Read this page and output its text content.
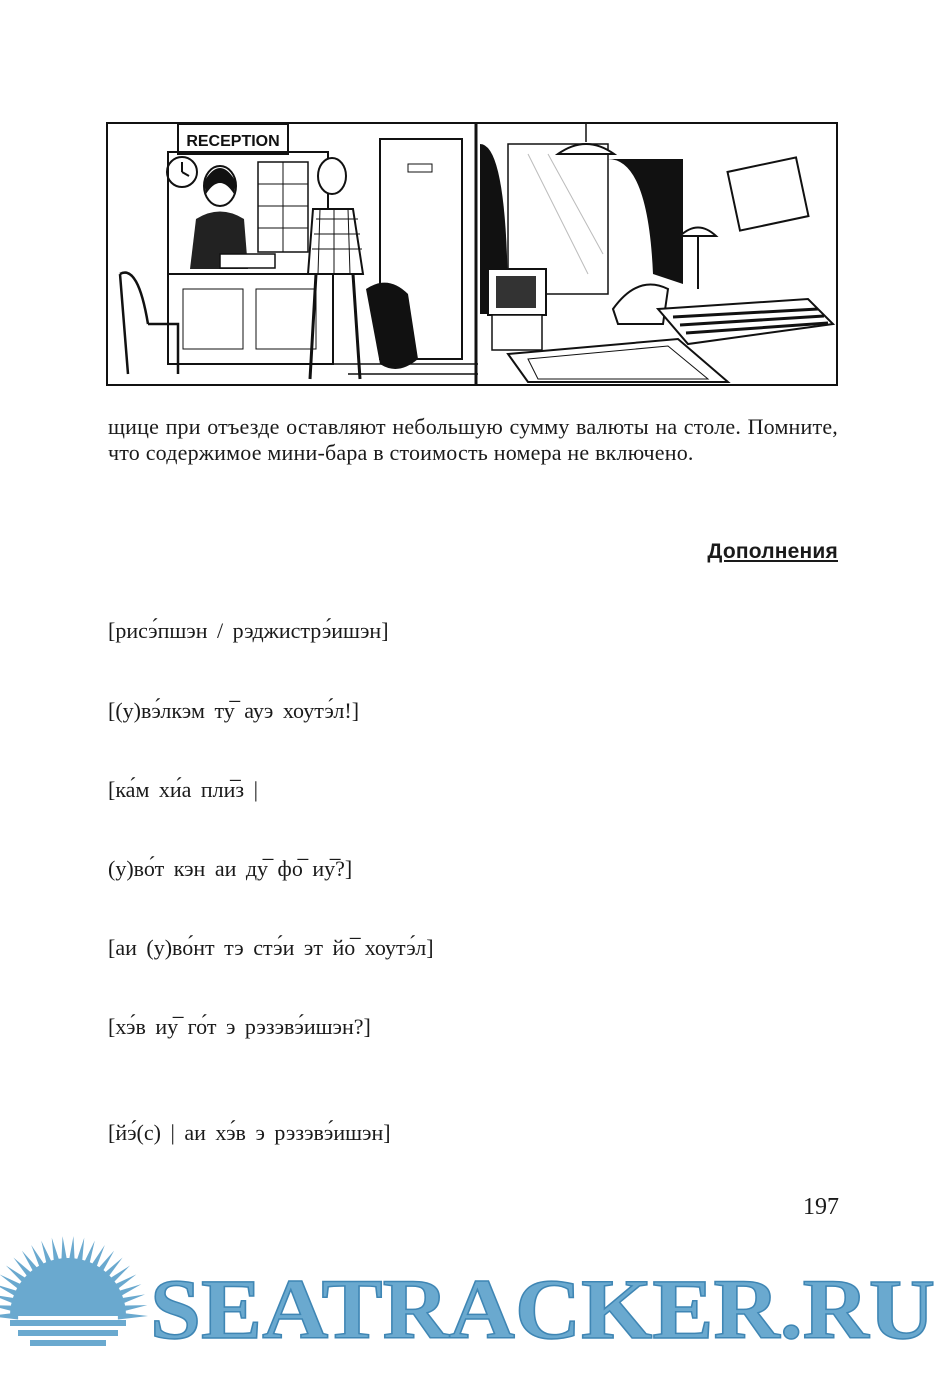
RECEPTION
щице при отъезде оставляют небольшую сумму валюты на столе. Помните, что содержимое мини-бара в стоимость номера не включено.
Дополнения
[рисэ́пшэн / рэджистрэ́ишэн]
[(у)вэ́лкэм ту̅ ауэ хоутэ́л!]
[ка́м хи́а пли̅з |
(у)во́т кэн аи ду̅ фо̅ иу̅?]
[аи (у)во́нт тэ стэ́и эт йо̅ хоутэ́л]
[хэ́в иу̅ го́т э рэзэвэ́ишэн?]
[йэ́(с) | аи хэ́в э рэзэвэ́ишэн]
197
SEATRACKER.RU
